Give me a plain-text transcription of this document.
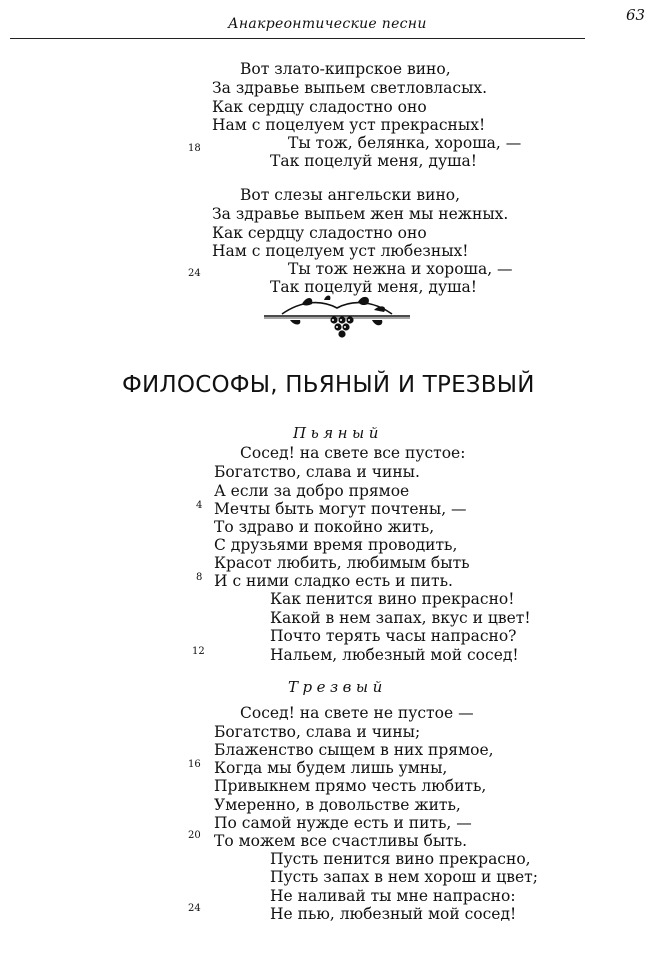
Анакреонтические песни	63
Вот злато-кипрское вино,
За здравье выпьем светловласых.
Как сердцу сладостно оно
Нам с поцелуем уст прекрасных!
Ты тож, белянка, хороша, —
Так поцелуй меня, душа!
18
Вот слезы ангельски вино,
За здравье выпьем жен мы нежных.
Как сердцу сладостно оно
Нам с поцелуем уст любезных!
Ты тож нежна и хороша, —
Так поцелуй меня, душа!
24
ФИЛОСОФЫ, ПЬЯНЫЙ И ТРЕЗВЫЙ
Пьяный
Сосед! на свете все пустое:
Богатство, слава и чины.
А если за добро прямое
Мечты быть могут почтены, —
То здраво и покойно жить,
С друзьями время проводить,
Красот любить, любимым быть
И с ними сладко есть и пить.
Как пенится вино прекрасно!
Какой в нем запах, вкус и цвет!
Почто терять часы напрасно?
Нальем, любезный мой сосед!
4
8
12
Трезвый
Сосед! на свете не пустое —
Богатство, слава и чины;
Блаженство сыщем в них прямое,
Когда мы будем лишь умны,
Привыкнем прямо честь любить,
Умеренно, в довольстве жить,
По самой нужде есть и пить, —
То можем все счастливы быть.
Пусть пенится вино прекрасно,
Пусть запах в нем хорош и цвет;
Не наливай ты мне напрасно:
Не пью, любезный мой сосед!
16
20
24
